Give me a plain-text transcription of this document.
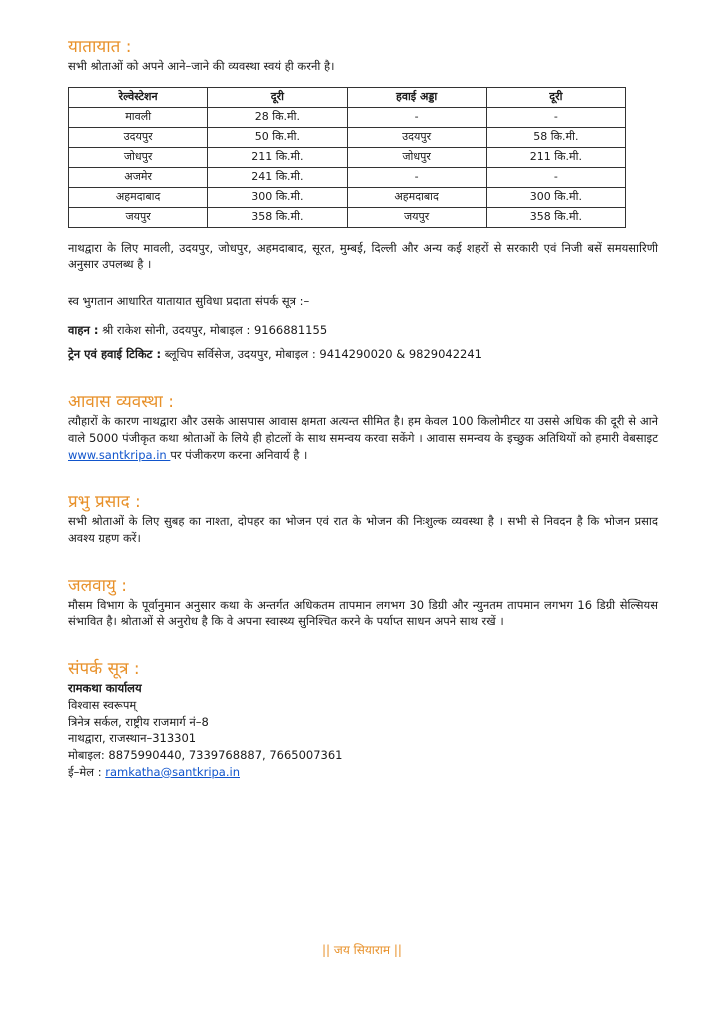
यातायात :

सभी श्रोताओं को अपने आने–जाने की व्यवस्था स्वयं ही करनी है।

रेल्वेस्टेशन	दूरी	हवाई अड्डा	दूरी
मावली	28 कि.मी.	-	-
उदयपुर	50 कि.मी.	उदयपुर	58 कि.मी.
जोधपुर	211 कि.मी.	जोधपुर	211 कि.मी.
अजमेर	241 कि.मी.	-	-
अहमदाबाद	300 कि.मी.	अहमदाबाद	300 कि.मी.
जयपुर	358 कि.मी.	जयपुर	358 कि.मी.

नाथद्वारा के लिए मावली, उदयपुर, जोधपुर, अहमदाबाद, सूरत, मुम्बई, दिल्ली और अन्य कई शहरों से सरकारी एवं निजी बसें समयसारिणी अनुसार उपलब्ध है ।

स्व भुगतान आधारित यातायात सुविधा प्रदाता संपर्क सूत्र :–

वाहन : श्री राकेश सोनी, उदयपुर, मोबाइल : 9166881155

ट्रेन एवं हवाई टिकिट : ब्लूचिप सर्विसेज, उदयपुर, मोबाइल : 9414290020 & 9829042241

आवास व्यवस्था :

त्यौहारों के कारण नाथद्वारा और उसके आसपास आवास क्षमता अत्यन्त सीमित है। हम केवल 100 किलोमीटर या उससे अधिक की दूरी से आने वाले 5000 पंजीकृत कथा श्रोताओं के लिये ही होटलों के साथ समन्वय करवा सकेंगे । आवास समन्वय के इच्छुक अतिथियों को हमारी वेबसाइट www.santkripa.in पर पंजीकरण करना अनिवार्य है ।

प्रभु प्रसाद :

सभी श्रोताओं के लिए सुबह का नाश्ता, दोपहर का भोजन एवं रात के भोजन की निःशुल्क व्यवस्था है । सभी से निवदन है कि भोजन प्रसाद अवश्य ग्रहण करें।

जलवायु :

मौसम विभाग के पूर्वानुमान अनुसार कथा के अन्तर्गत अधिकतम तापमान लगभग 30 डिग्री और न्युनतम तापमान लगभग 16 डिग्री सेल्सियस संभावित है। श्रोताओं से अनुरोध है कि वे अपना स्वास्थ्य सुनिश्चित करने के पर्याप्त साधन अपने साथ रखें ।

संपर्क सूत्र :

रामकथा कार्यालय

विश्वास स्वरूपम्

त्रिनेत्र सर्कल, राष्ट्रीय राजमार्ग नं–8

नाथद्वारा, राजस्थान–313301

मोबाइल: 8875990440, 7339768887, 7665007361

ई–मेल : ramkatha@santkripa.in

|| जय सियाराम ||
